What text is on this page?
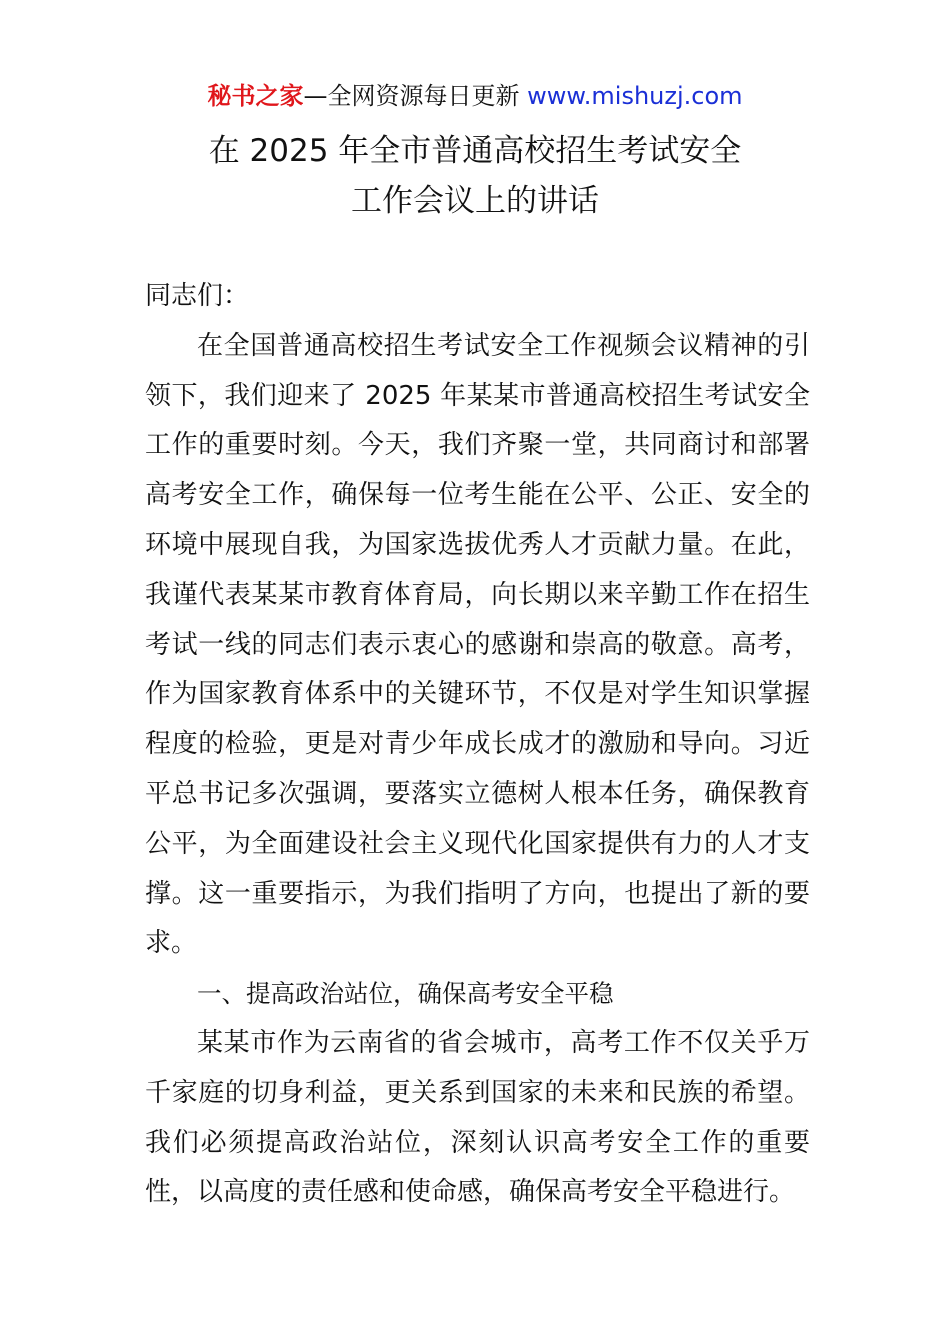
秘书之家—全网资源每日更新 www.mishuzj.com
在 2025 年全市普通高校招生考试安全
工作会议上的讲话

同志们：

在全国普通高校招生考试安全工作视频会议精神的引领下，我们迎来了 2025 年某某市普通高校招生考试安全工作的重要时刻。今天，我们齐聚一堂，共同商讨和部署高考安全工作，确保每一位考生能在公平、公正、安全的环境中展现自我，为国家选拔优秀人才贡献力量。在此，我谨代表某某市教育体育局，向长期以来辛勤工作在招生考试一线的同志们表示衷心的感谢和崇高的敬意。高考，作为国家教育体系中的关键环节，不仅是对学生知识掌握程度的检验，更是对青少年成长成才的激励和导向。习近平总书记多次强调，要落实立德树人根本任务，确保教育公平，为全面建设社会主义现代化国家提供有力的人才支撑。这一重要指示，为我们指明了方向，也提出了新的要求。

一、提高政治站位，确保高考安全平稳

某某市作为云南省的省会城市，高考工作不仅关乎万千家庭的切身利益，更关系到国家的未来和民族的希望。我们必须提高政治站位，深刻认识高考安全工作的重要性，以高度的责任感和使命感，确保高考安全平稳进行。
